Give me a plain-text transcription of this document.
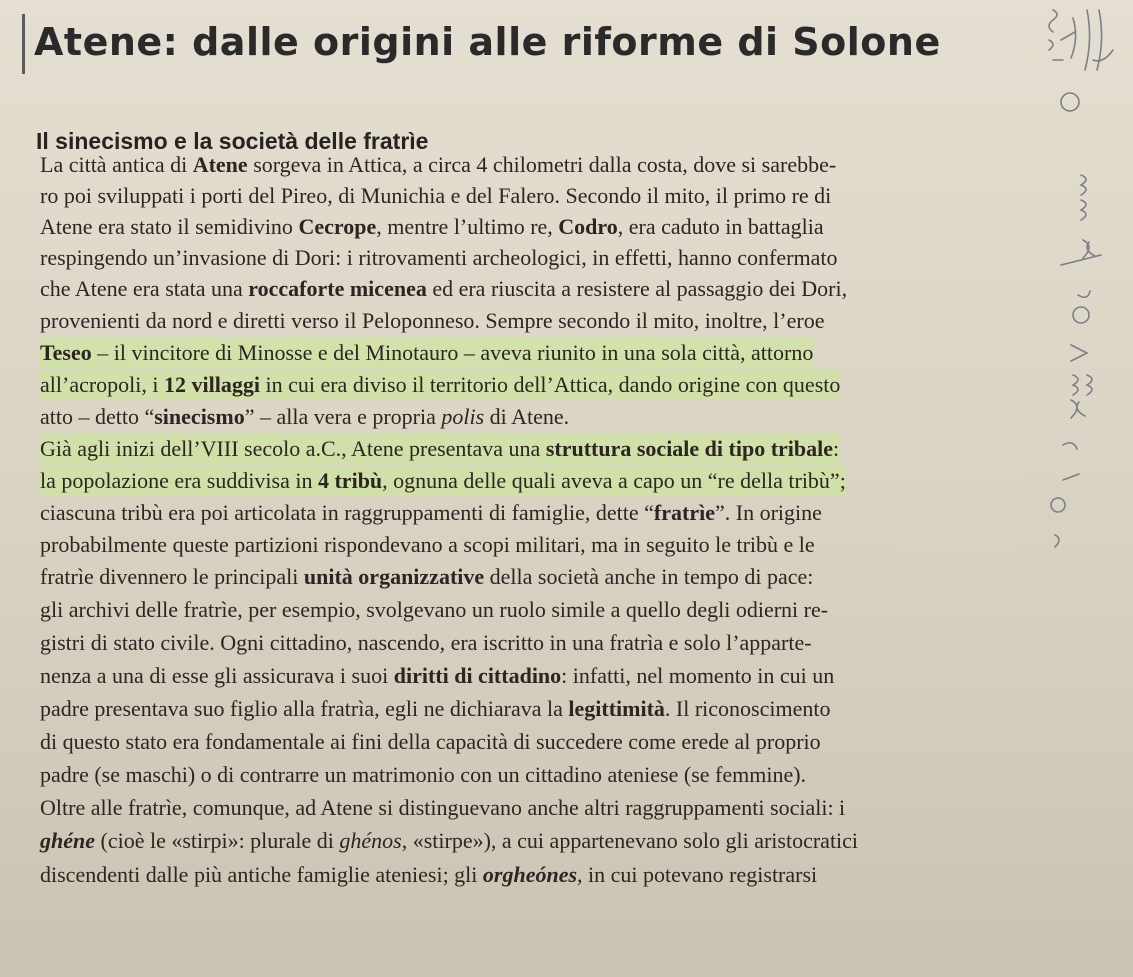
Atene: dalle origini alle riforme di Solone
Il sinecismo e la società delle fratrìe
La città antica di Atene sorgeva in Attica, a circa 4 chilometri dalla costa, dove si sarebbe-
ro poi sviluppati i porti del Pireo, di Munichia e del Falero. Secondo il mito, il primo re di
Atene era stato il semidivino Cecrope, mentre l’ultimo re, Codro, era caduto in battaglia
respingendo un’invasione di Dori: i ritrovamenti archeologici, in effetti, hanno confermato
che Atene era stata una roccaforte micenea ed era riuscita a resistere al passaggio dei Dori,
provenienti da nord e diretti verso il Peloponneso. Sempre secondo il mito, inoltre, l’eroe
Teseo – il vincitore di Minosse e del Minotauro – aveva riunito in una sola città, attorno
all’acropoli, i 12 villaggi in cui era diviso il territorio dell’Attica, dando origine con questo
atto – detto “sinecismo” – alla vera e propria polis di Atene.
Già agli inizi dell’VIII secolo a.C., Atene presentava una struttura sociale di tipo tribale:
la popolazione era suddivisa in 4 tribù, ognuna delle quali aveva a capo un “re della tribù”;
ciascuna tribù era poi articolata in raggruppamenti di famiglie, dette “fratrìe”. In origine
probabilmente queste partizioni rispondevano a scopi militari, ma in seguito le tribù e le
fratrìe divennero le principali unità organizzative della società anche in tempo di pace:
gli archivi delle fratrìe, per esempio, svolgevano un ruolo simile a quello degli odierni re-
gistri di stato civile. Ogni cittadino, nascendo, era iscritto in una fratrìa e solo l’apparte-
nenza a una di esse gli assicurava i suoi diritti di cittadino: infatti, nel momento in cui un
padre presentava suo figlio alla fratrìa, egli ne dichiarava la legittimità. Il riconoscimento
di questo stato era fondamentale ai fini della capacità di succedere come erede al proprio
padre (se maschi) o di contrarre un matrimonio con un cittadino ateniese (se femmine).
Oltre alle fratrìe, comunque, ad Atene si distinguevano anche altri raggruppamenti sociali: i
ghéne (cioè le «stirpi»: plurale di ghénos, «stirpe»), a cui appartenevano solo gli aristocratici
discendenti dalle più antiche famiglie ateniesi; gli orgheónes, in cui potevano registrarsi
